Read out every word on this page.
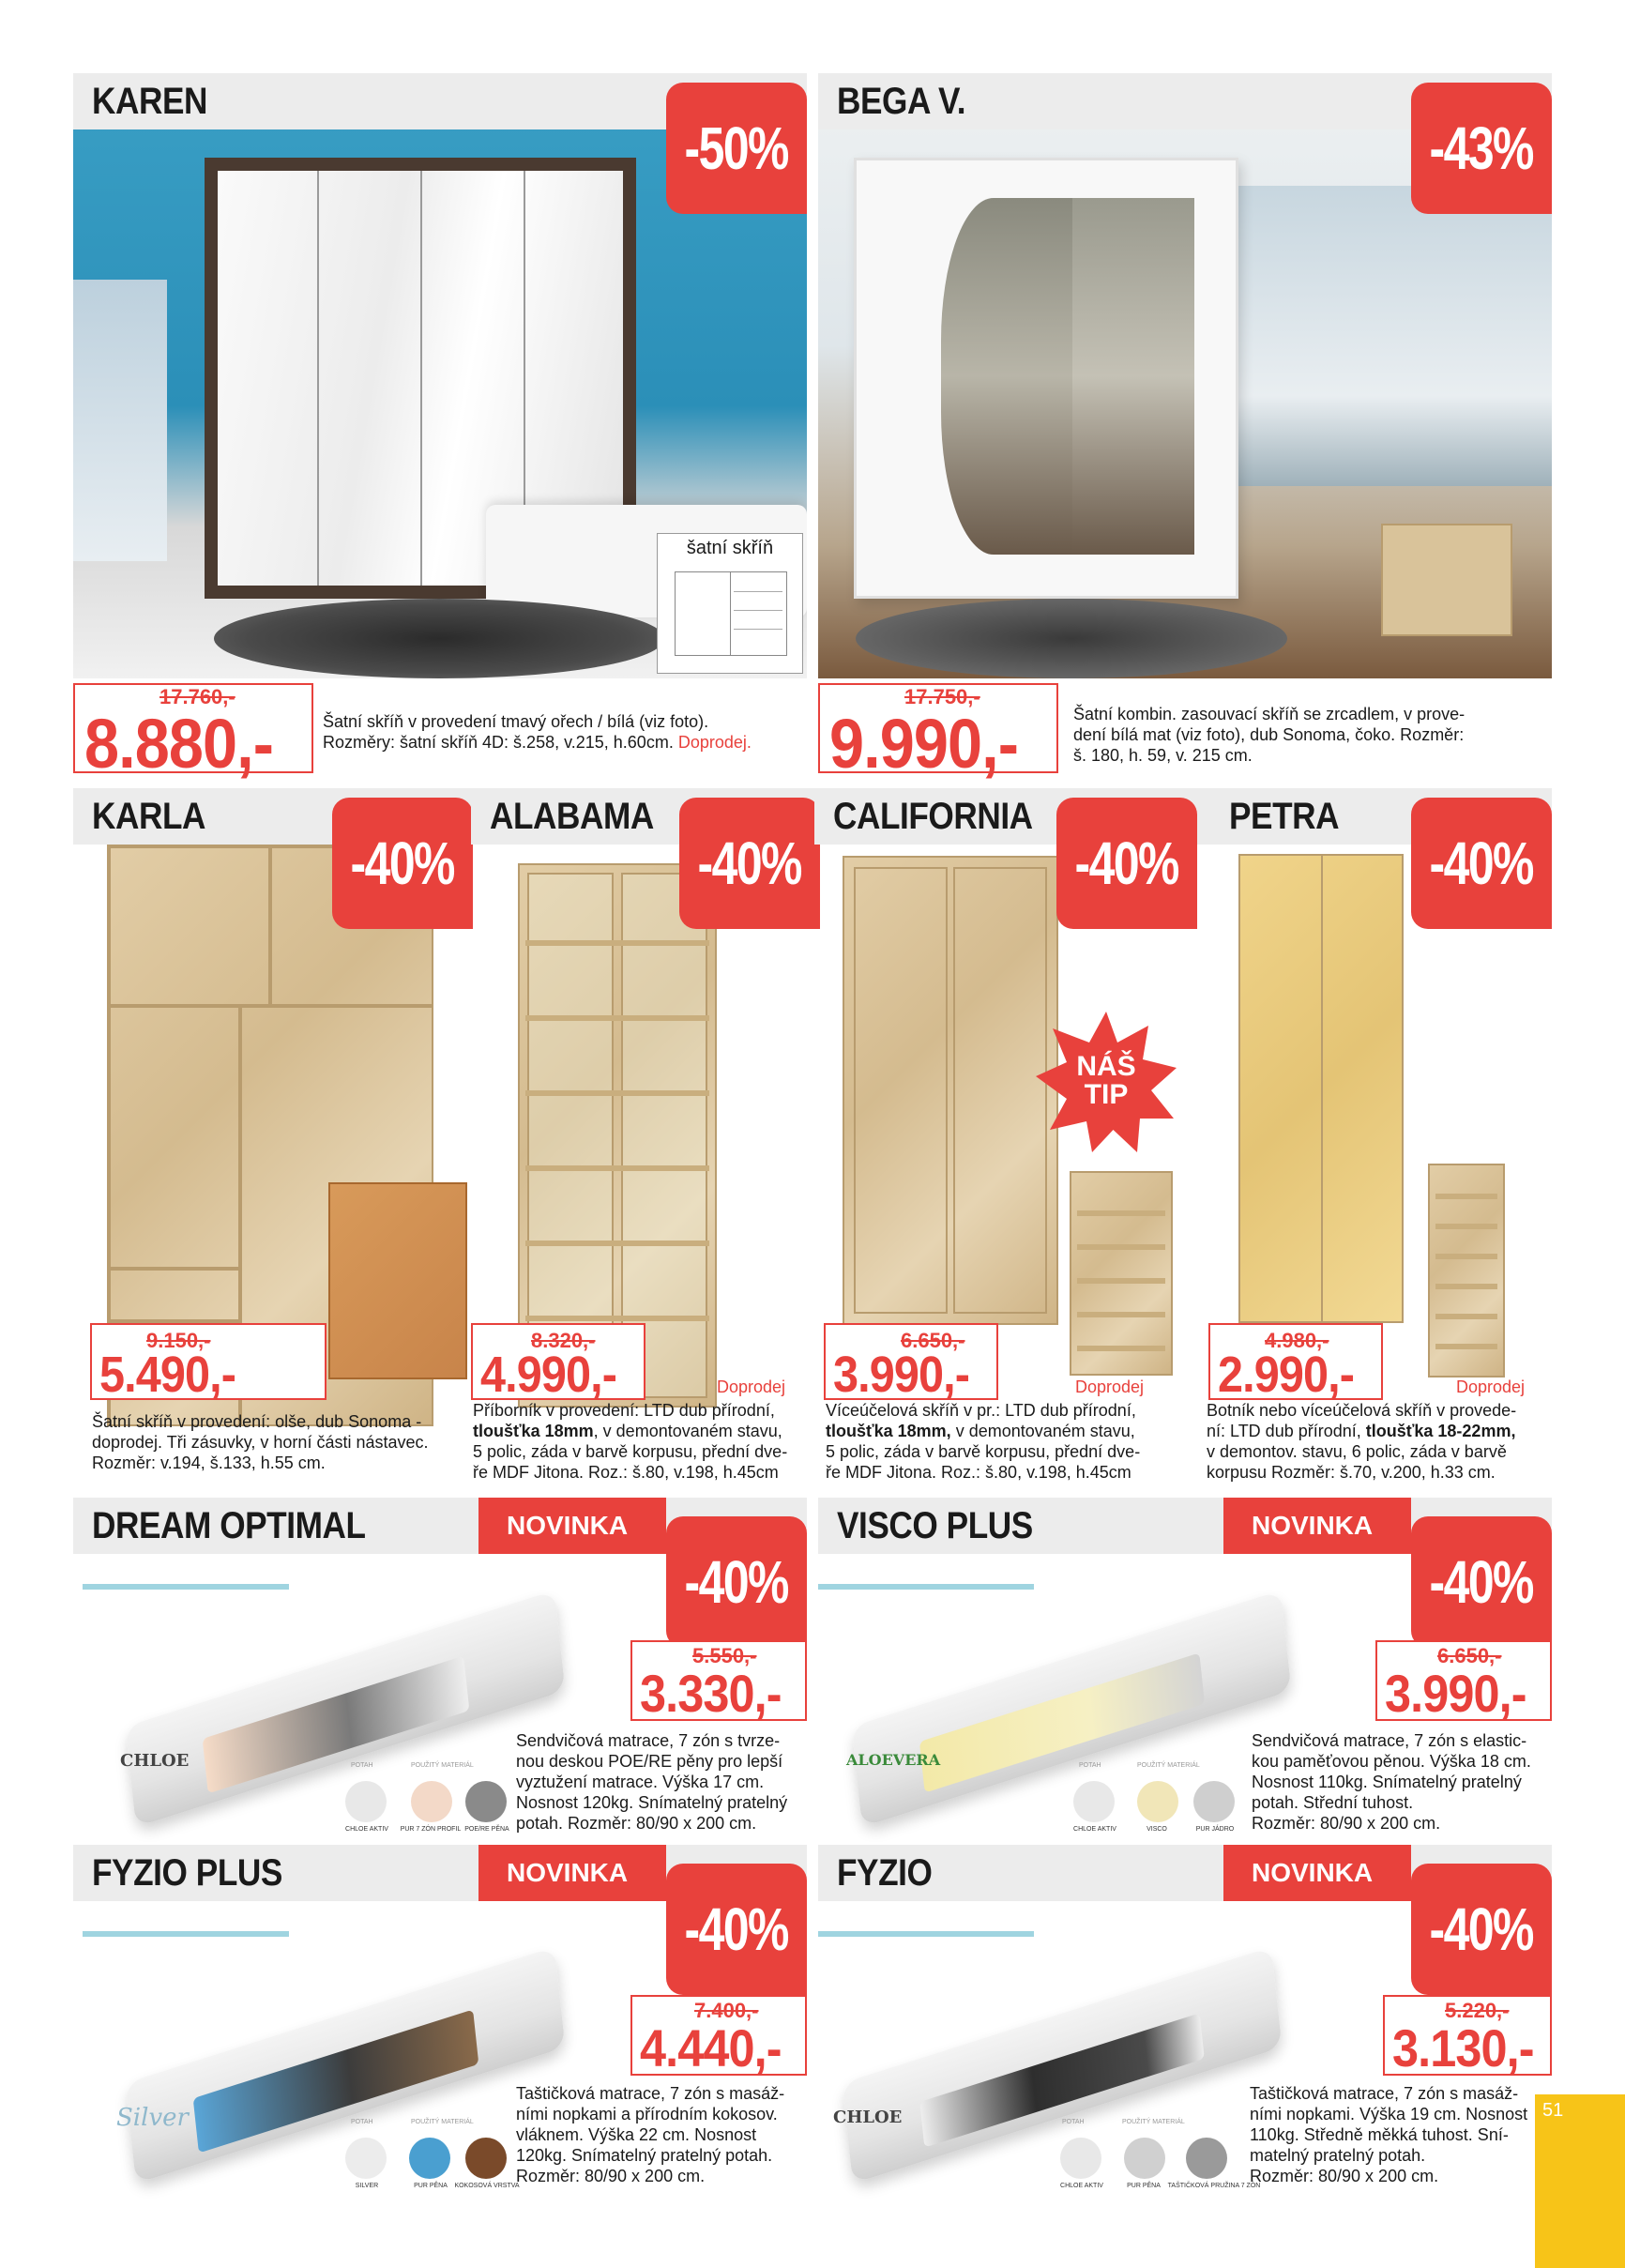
šatní skříň
KAREN
-50%
17.760,-
8.880,-	Šatní skříň v provedení tmavý ořech / bílá (viz foto).
Rozměry: šatní skříň 4D: š.258, v.215, h.60cm. Doprodej.
BEGA V.
-43%
17.750,-
9.990,-	Šatní kombin. zasouvací skříň se zrcadlem, v prove-
dení bílá mat (viz foto), dub Sonoma, čoko. Rozměr:
š. 180, h. 59, v. 215 cm.
KARLA
-40%
9.150,-
5.490,-
Šatní skříň v provedení: olše, dub Sonoma -
doprodej. Tři zásuvky, v horní části nástavec.
Rozměr: v.194, š.133, h.55 cm.
ALABAMA
-40%
8.320,-
4.990,-	Doprodej
Příborník v provedení: LTD dub přírodní,
tloušťka 18mm, v demontovaném stavu,
5 polic, záda v barvě korpusu, přední dve-
ře MDF Jitona. Roz.: š.80, v.198, h.45cm
CALIFORNIA
NÁŠ
TIP
-40%
6.650,-
3.990,-	Doprodej
Víceúčelová skříň v pr.: LTD dub přírodní,
tloušťka 18mm, v demontovaném stavu,
5 polic, záda v barvě korpusu, přední dve-
ře MDF Jitona. Roz.: š.80, v.198, h.45cm
PETRA
-40%
4.980,-
2.990,-	Doprodej
Botník nebo víceúčelová skříň v provede-
ní: LTD dub přírodní, tloušťka 18-22mm,
v demontov. stavu, 6 polic, záda v barvě
korpusu Rozměr: š.70, v.200, h.33 cm.
DREAM OPTIMAL	NOVINKA
-40%
CHLOE	POTAH	POUŽITÝ MATERIÁL
CHLOE AKTIV	PUR 7 ZÓN PROFIL POE/RE PĚNA
5.550,-
3.330,-
Sendvičová matrace, 7 zón s tvrze-
nou deskou POE/RE pěny pro lepší
vyztužení matrace. Výška 17 cm.
Nosnost 120kg. Snímatelný pratelný
potah. Rozměr: 80/90 x 200 cm.
VISCO PLUS	NOVINKA
-40%
ALOEVERA	POTAH	POUŽITÝ MATERIÁL
CHLOE AKTIV	VISCO	PUR JÁDRO
6.650,-
3.990,-
Sendvičová matrace, 7 zón s elastic-
kou paměťovou pěnou. Výška 18 cm.
Nosnost 110kg. Snímatelný pratelný
potah. Střední tuhost.
Rozměr: 80/90 x 200 cm.
FYZIO PLUS	NOVINKA
-40%
Silver	POTAH	POUŽITÝ MATERIÁL
SILVER	PUR PĚNA	KOKOSOVÁ VRSTVA
7.400,-
4.440,-
Taštičková matrace, 7 zón s masáž-
ními nopkami a přírodním kokosov.
vláknem. Výška 22 cm. Nosnost
120kg. Snímatelný pratelný potah.
Rozměr: 80/90 x 200 cm.
FYZIO	NOVINKA
-40%
CHLOE	POTAH	POUŽITÝ MATERIÁL
CHLOE AKTIV	PUR PĚNA	TAŠTIČKOVÁ PRUŽINA 7 ZÓN
5.220,-
3.130,-
Taštičková matrace, 7 zón s masáž-
ními nopkami. Výška 19 cm. Nosnost
110kg. Středně měkká tuhost. Sní-
matelný pratelný potah.
Rozměr: 80/90 x 200 cm.
51
